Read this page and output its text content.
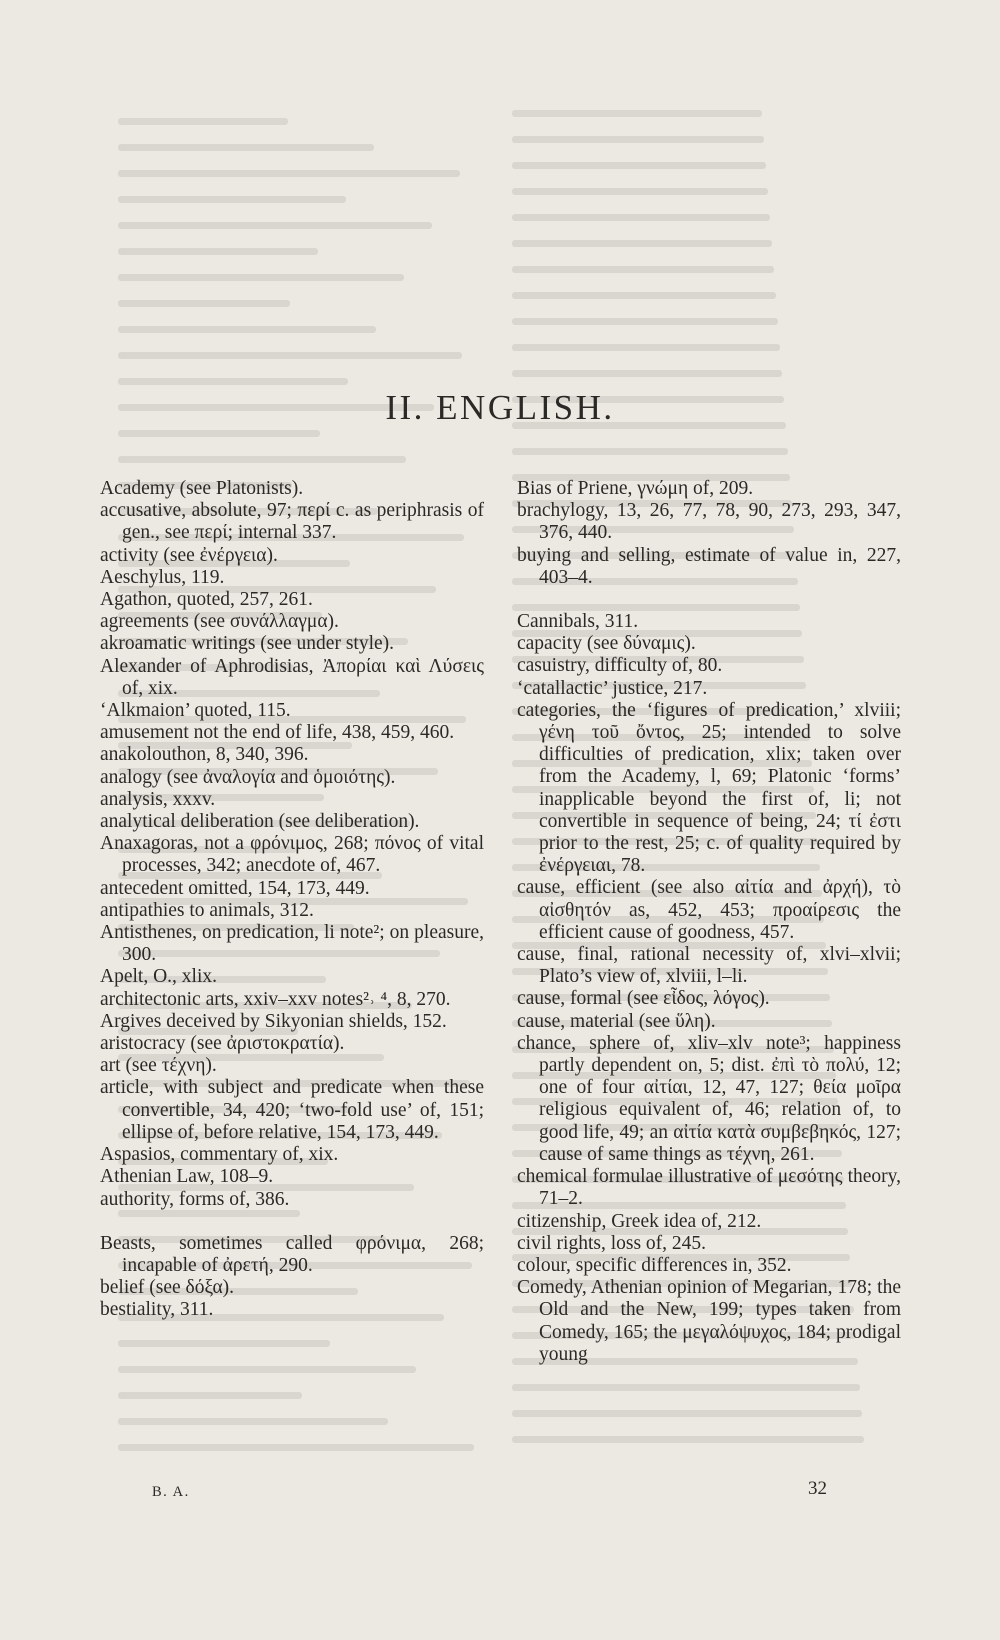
II. ENGLISH.
Academy (see Platonists).
accusative, absolute, 97; περί c. as periphrasis of gen., see περί; internal 337.
activity (see ἐνέργεια).
Aeschylus, 119.
Agathon, quoted, 257, 261.
agreements (see συνάλλαγμα).
akroamatic writings (see under style).
Alexander of Aphrodisias, Ἀπορίαι καὶ Λύσεις of, xix.
‘Alkmaion’ quoted, 115.
amusement not the end of life, 438, 459, 460.
anakolouthon, 8, 340, 396.
analogy (see ἀναλογία and ὁμοιότης).
analysis, xxxv.
analytical deliberation (see deliberation).
Anaxagoras, not a φρόνιμος, 268; πόνος of vital processes, 342; anecdote of, 467.
antecedent omitted, 154, 173, 449.
antipathies to animals, 312.
Antisthenes, on predication, li note²; on pleasure, 300.
Apelt, O., xlix.
architectonic arts, xxiv–xxv notes²˒ ⁴, 8, 270.
Argives deceived by Sikyonian shields, 152.
aristocracy (see ἀριστοκρατία).
art (see τέχνη).
article, with subject and predicate when these convertible, 34, 420; ‘two-fold use’ of, 151; ellipse of, before relative, 154, 173, 449.
Aspasios, commentary of, xix.
Athenian Law, 108–9.
authority, forms of, 386.
Beasts, sometimes called φρόνιμα, 268; incapable of ἀρετή, 290.
belief (see δόξα).
bestiality, 311.
Bias of Priene, γνώμη of, 209.
brachylogy, 13, 26, 77, 78, 90, 273, 293, 347, 376, 440.
buying and selling, estimate of value in, 227, 403–4.
Cannibals, 311.
capacity (see δύναμις).
casuistry, difficulty of, 80.
‘catallactic’ justice, 217.
categories, the ‘figures of predication,’ xlviii; γένη τοῦ ὄντος, 25; intended to solve difficulties of predication, xlix; taken over from the Academy, l, 69; Platonic ‘forms’ inapplicable beyond the first of, li; not convertible in sequence of being, 24; τί ἐστι prior to the rest, 25; c. of quality required by ἐνέργειαι, 78.
cause, efficient (see also αἰτία and ἀρχή), τὸ αἰσθητόν as, 452, 453; προαίρεσις the efficient cause of goodness, 457.
cause, final, rational necessity of, xlvi–xlvii; Plato’s view of, xlviii, l–li.
cause, formal (see εἶδος, λόγος).
cause, material (see ὕλη).
chance, sphere of, xliv–xlv note³; happiness partly dependent on, 5; dist. ἐπὶ τὸ πολύ, 12; one of four αἰτίαι, 12, 47, 127; θεία μοῖρα religious equivalent of, 46; relation of, to good life, 49; an αἰτία κατὰ συμβεβηκός, 127; cause of same things as τέχνη, 261.
chemical formulae illustrative of μεσότης theory, 71–2.
citizenship, Greek idea of, 212.
civil rights, loss of, 245.
colour, specific differences in, 352.
Comedy, Athenian opinion of Megarian, 178; the Old and the New, 199; types taken from Comedy, 165; the μεγαλόψυχος, 184; prodigal young
B. A.	32
